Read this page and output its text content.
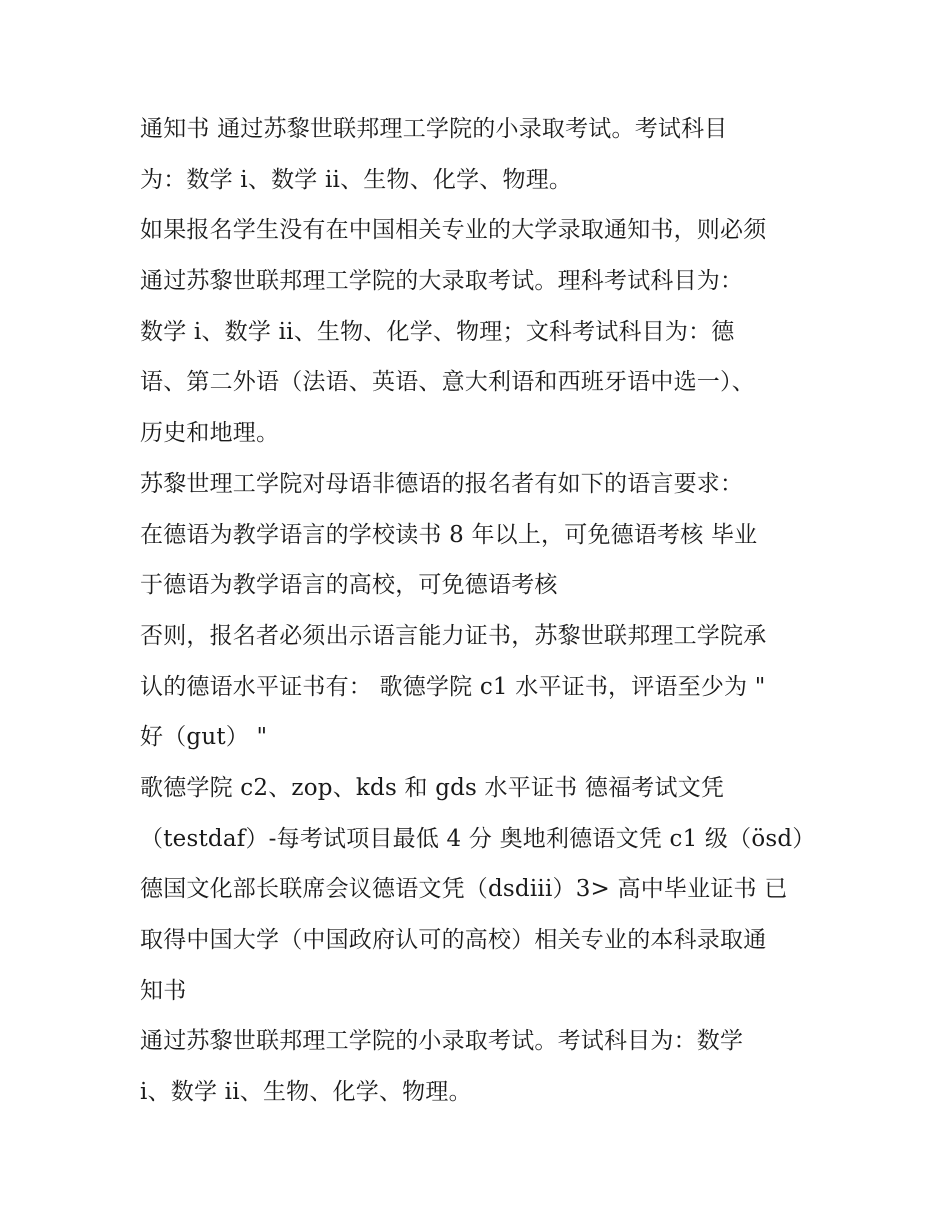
通知书 通过苏黎世联邦理工学院的小录取考试。考试科目
为：数学 i、数学 ii、生物、化学、物理。
如果报名学生没有在中国相关专业的大学录取通知书，则必须
通过苏黎世联邦理工学院的大录取考试。理科考试科目为：
数学 i、数学 ii、生物、化学、物理；文科考试科目为：德
语、第二外语（法语、英语、意大利语和西班牙语中选一）、
历史和地理。
苏黎世理工学院对母语非德语的报名者有如下的语言要求：
在德语为教学语言的学校读书 8 年以上，可免德语考核 毕业
于德语为教学语言的高校，可免德语考核
否则，报名者必须出示语言能力证书，苏黎世联邦理工学院承
认的德语水平证书有： 歌德学院 c1 水平证书，评语至少为 "
好（gut） "
歌德学院 c2、zop、kds 和 gds 水平证书 德福考试文凭
（testdaf）-每考试项目最低 4 分 奥地利德语文凭 c1 级（ösd）
德国文化部长联席会议德语文凭（dsdiii）3> 高中毕业证书 已
取得中国大学（中国政府认可的高校）相关专业的本科录取通
知书
通过苏黎世联邦理工学院的小录取考试。考试科目为：数学
i、数学 ii、生物、化学、物理。
